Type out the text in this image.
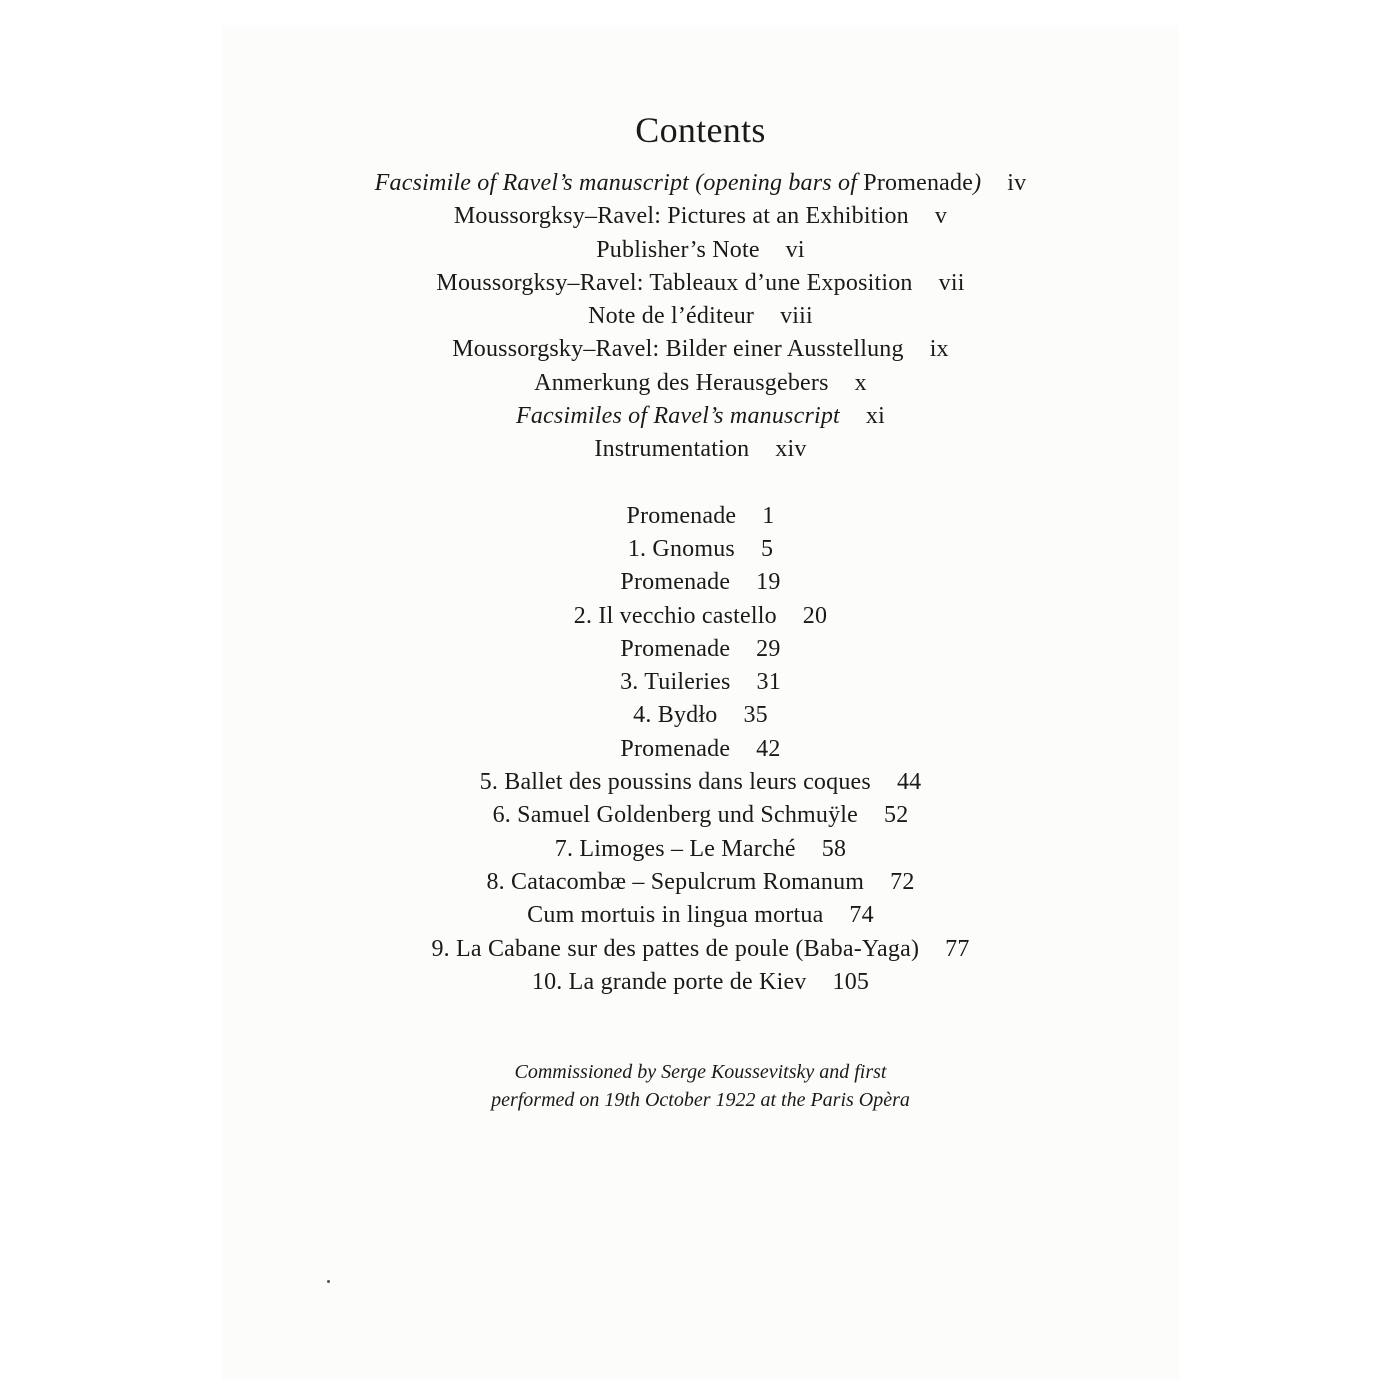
Contents
Facsimile of Ravel’s manuscript (opening bars of Promenade) iv
Moussorgksy–Ravel: Pictures at an Exhibition v
Publisher’s Note vi
Moussorgksy–Ravel: Tableaux d’une Exposition vii
Note de l’éditeur viii
Moussorgsky–Ravel: Bilder einer Ausstellung ix
Anmerkung des Herausgebers x
Facsimiles of Ravel’s manuscript xi
Instrumentation xiv
Promenade 1
1. Gnomus 5
Promenade 19
2. Il vecchio castello 20
Promenade 29
3. Tuileries 31
4. Bydło 35
Promenade 42
5. Ballet des poussins dans leurs coques 44
6. Samuel Goldenberg und Schmuÿle 52
7. Limoges – Le Marché 58
8. Catacombæ – Sepulcrum Romanum 72
Cum mortuis in lingua mortua 74
9. La Cabane sur des pattes de poule (Baba-Yaga) 77
10. La grande porte de Kiev 105
Commissioned by Serge Koussevitsky and first
performed on 19th October 1922 at the Paris Opèra
